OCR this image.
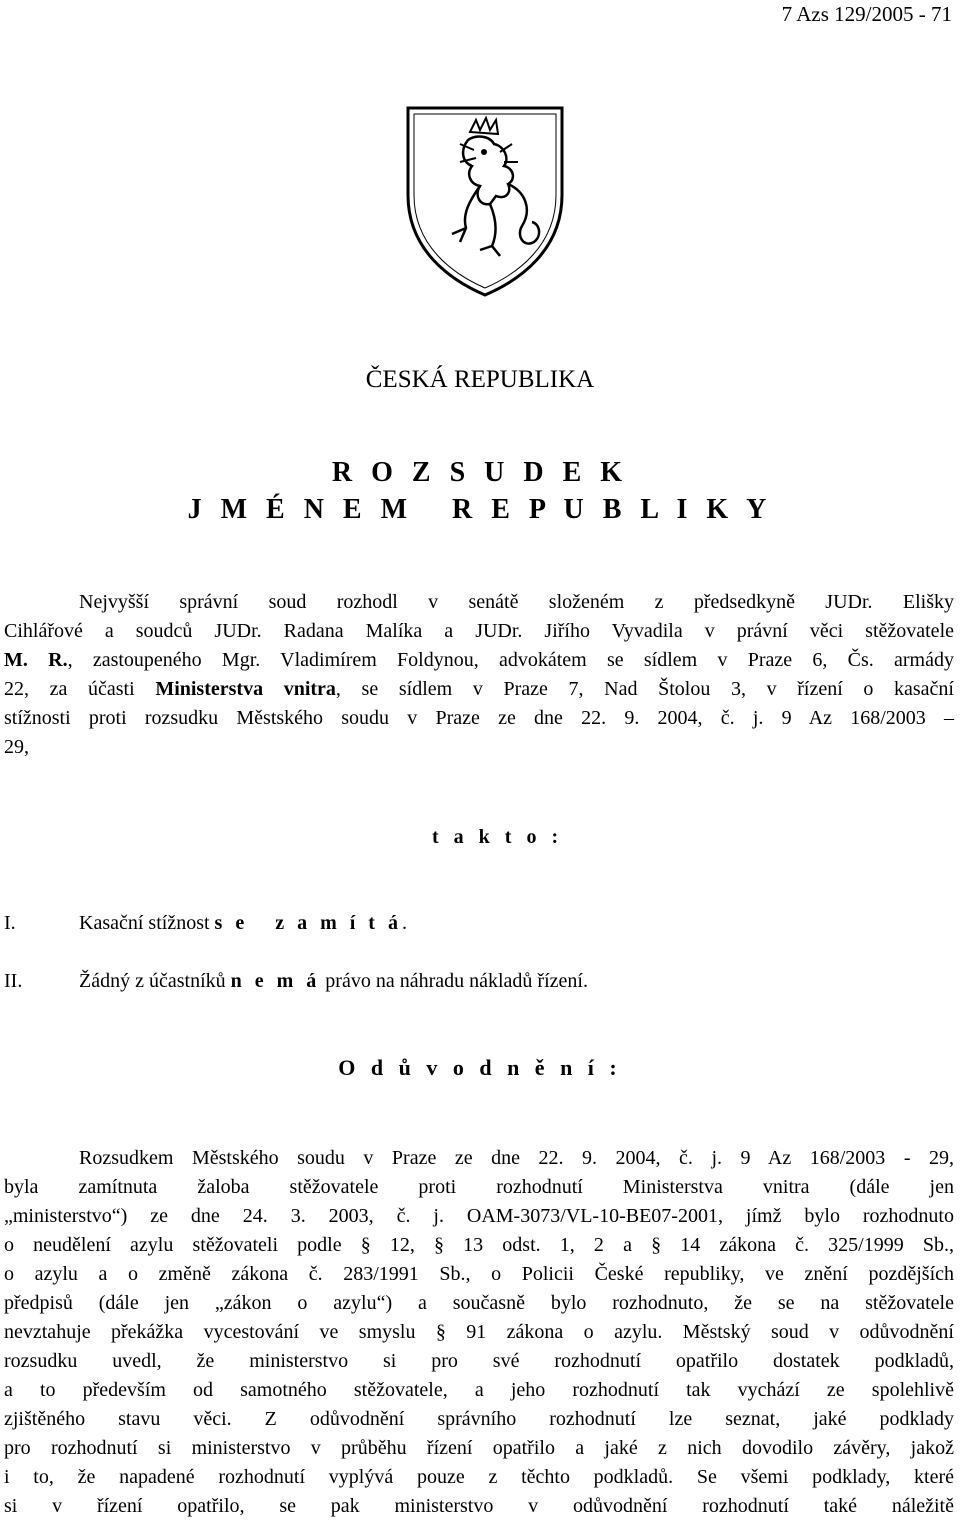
7 Azs 129/2005 - 71
ČESKÁ REPUBLIKA
R O Z S U D E K
J M É N E M   R E P U B L I K Y
Nejvyšší správní soud rozhodl v senátě složeném z předsedkyně JUDr. Elišky
Cihlářové a soudců JUDr. Radana Malíka a JUDr. Jiřího Vyvadila v právní věci stěžovatele
M. R., zastoupeného Mgr. Vladimírem Foldynou, advokátem se sídlem v Praze 6, Čs. armády
22, za účasti Ministerstva vnitra, se sídlem v Praze 7, Nad Štolou 3, v řízení o kasační
stížnosti proti rozsudku Městského soudu v Praze ze dne 22. 9. 2004, č. j. 9 Az 168/2003 –
29,
t a k t o :
I.	Kasační stížnost s e   z a m í t á.
II.	Žádný z účastníků n e m á právo na náhradu nákladů řízení.
O d ů v o d n ě n í :
Rozsudkem Městského soudu v Praze ze dne 22. 9. 2004, č. j. 9 Az 168/2003 - 29,
byla zamítnuta žaloba stěžovatele proti rozhodnutí Ministerstva vnitra (dále jen
„ministerstvo“) ze dne 24. 3. 2003, č. j. OAM-3073/VL-10-BE07-2001, jímž bylo rozhodnuto
o neudělení azylu stěžovateli podle § 12, § 13 odst. 1, 2 a § 14 zákona č. 325/1999 Sb.,
o azylu a o změně zákona č. 283/1991 Sb., o Policii České republiky, ve znění pozdějších
předpisů (dále jen „zákon o azylu“) a současně bylo rozhodnuto, že se na stěžovatele
nevztahuje překážka vycestování ve smyslu § 91 zákona o azylu. Městský soud v odůvodnění
rozsudku uvedl, že ministerstvo si pro své rozhodnutí opatřilo dostatek podkladů,
a to především od samotného stěžovatele, a jeho rozhodnutí tak vychází ze spolehlivě
zjištěného stavu věci. Z odůvodnění správního rozhodnutí lze seznat, jaké podklady
pro rozhodnutí si ministerstvo v průběhu řízení opatřilo a jaké z nich dovodilo závěry, jakož
i to, že napadené rozhodnutí vyplývá pouze z těchto podkladů. Se všemi podklady, které
si v řízení opatřilo, se pak ministerstvo v odůvodnění rozhodnutí také náležitě
